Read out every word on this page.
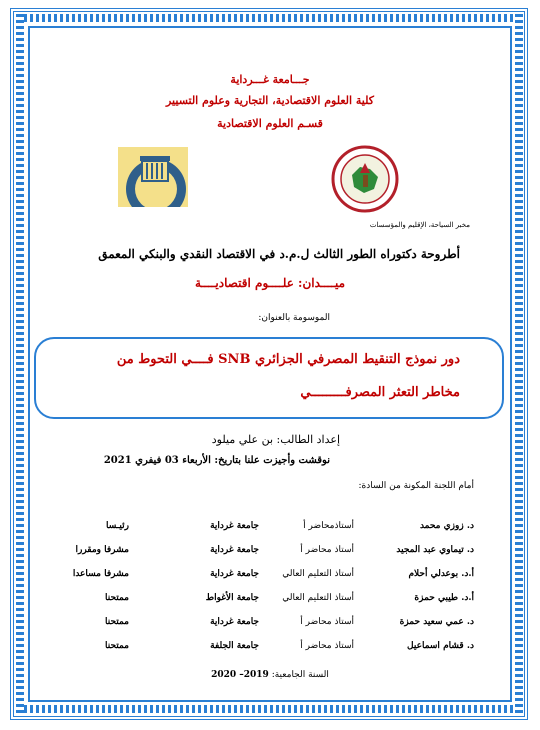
جـــامعة غـــرداية
كلية العلوم الاقتصادية، التجارية وعلوم التسيير
قسـم العلوم الاقتصادية
مخبر السياحة، الإقليم والمؤسسات
أطروحة دكتوراه الطور الثالث ل.م.د في الاقتصاد النقدي والبنكي المعمق
ميــــدان: علــــوم اقتصاديــــة
الموسومة بالعنوان:
دور نموذج التنقيط المصرفي الجزائري SNB فــــي التحوط من
مخاطر التعثر المصرفـــــــــي
إعداد الطالب: بن علي ميلود
نوقشت وأجيزت علنا بتاريخ: الأربعاء 03 فيفري 2021
أمام اللجنة المكونة من السادة:
د. زوزي محمد
أستاذمحاضر أ
جامعة غرداية
رئيـسا
د. تيماوي عبد المجيد
أستاذ محاضر أ
جامعة غرداية
مشرفا ومقررا
أ.د. بوعدلي أحلام
أستاذ التعليم العالي
جامعة غرداية
مشرفا مساعدا
أ.د. طيبي حمزة
أستاذ التعليم العالي
جامعة الأغواط
ممتحنا
د. عمي سعيد حمزة
أستاذ محاضر أ
جامعة غرداية
ممتحنا
د. قشام اسماعيل
أستاذ محاضر أ
جامعة الجلفة
ممتحنا
السنة الجامعية: 2019– 2020
